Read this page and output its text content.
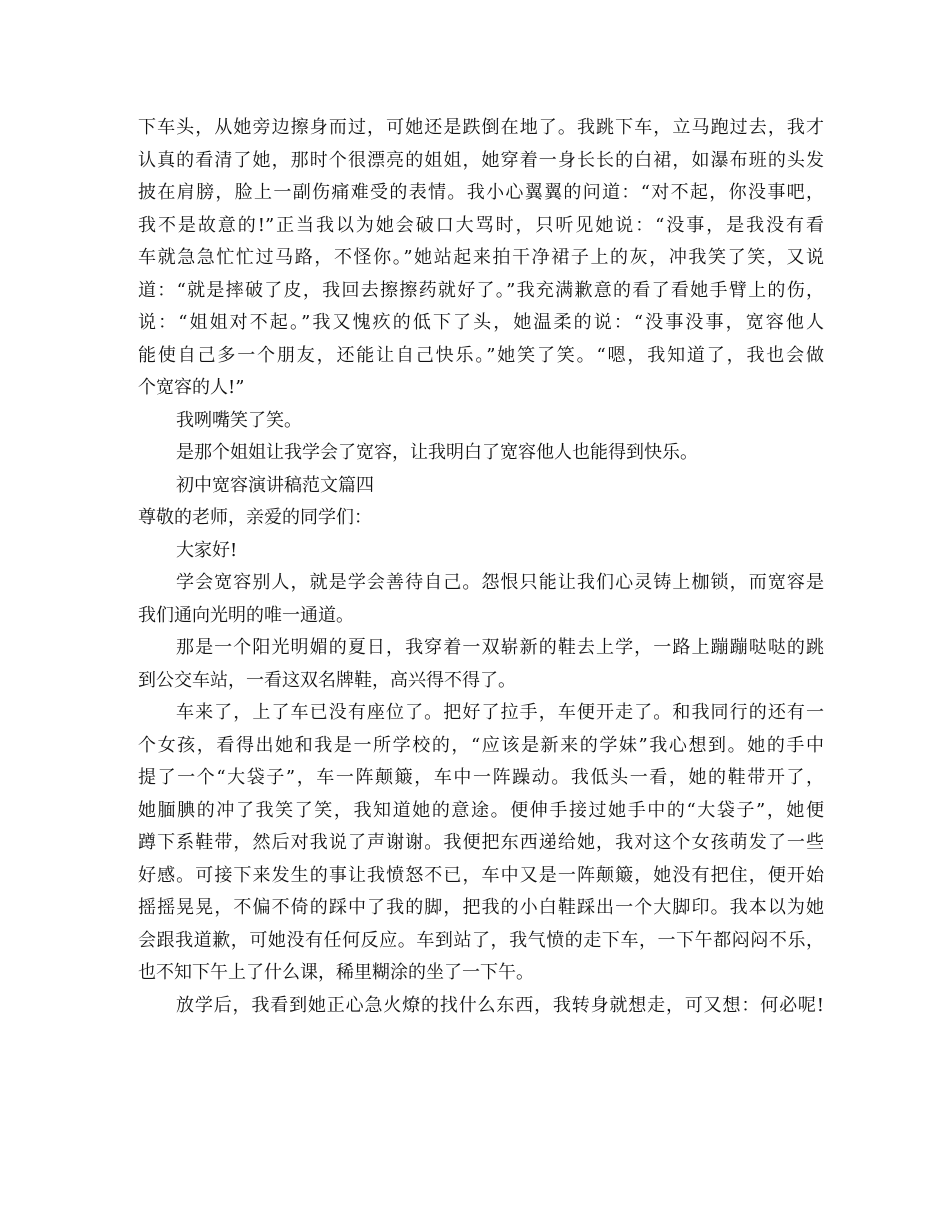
下车头，从她旁边擦身而过，可她还是跌倒在地了。我跳下车，立马跑过去，我才
认真的看清了她，那时个很漂亮的姐姐，她穿着一身长长的白裙，如瀑布班的头发
披在肩膀，脸上一副伤痛难受的表情。我小心翼翼的问道：“对不起，你没事吧，
我不是故意的!”正当我以为她会破口大骂时，只听见她说：“没事，是我没有看
车就急急忙忙过马路，不怪你。”她站起来拍干净裙子上的灰，冲我笑了笑，又说
道：“就是摔破了皮，我回去擦擦药就好了。”我充满歉意的看了看她手臂上的伤，
说：“姐姐对不起。”我又愧疚的低下了头，她温柔的说：“没事没事，宽容他人
能使自己多一个朋友，还能让自己快乐。”她笑了笑。“嗯，我知道了，我也会做
个宽容的人!”
我咧嘴笑了笑。
是那个姐姐让我学会了宽容，让我明白了宽容他人也能得到快乐。
初中宽容演讲稿范文篇四
尊敬的老师，亲爱的同学们：
大家好!
学会宽容别人，就是学会善待自己。怨恨只能让我们心灵铸上枷锁，而宽容是
我们通向光明的唯一通道。
那是一个阳光明媚的夏日，我穿着一双崭新的鞋去上学，一路上蹦蹦哒哒的跳
到公交车站，一看这双名牌鞋，高兴得不得了。
车来了，上了车已没有座位了。把好了拉手，车便开走了。和我同行的还有一
个女孩，看得出她和我是一所学校的，“应该是新来的学妹”我心想到。她的手中
提了一个“大袋子”，车一阵颠簸，车中一阵躁动。我低头一看，她的鞋带开了，
她腼腆的冲了我笑了笑，我知道她的意途。便伸手接过她手中的“大袋子”，她便
蹲下系鞋带，然后对我说了声谢谢。我便把东西递给她，我对这个女孩萌发了一些
好感。可接下来发生的事让我愤怒不已，车中又是一阵颠簸，她没有把住，便开始
摇摇晃晃，不偏不倚的踩中了我的脚，把我的小白鞋踩出一个大脚印。我本以为她
会跟我道歉，可她没有任何反应。车到站了，我气愤的走下车，一下午都闷闷不乐，
也不知下午上了什么课，稀里糊涂的坐了一下午。
放学后，我看到她正心急火燎的找什么东西，我转身就想走，可又想：何必呢!
